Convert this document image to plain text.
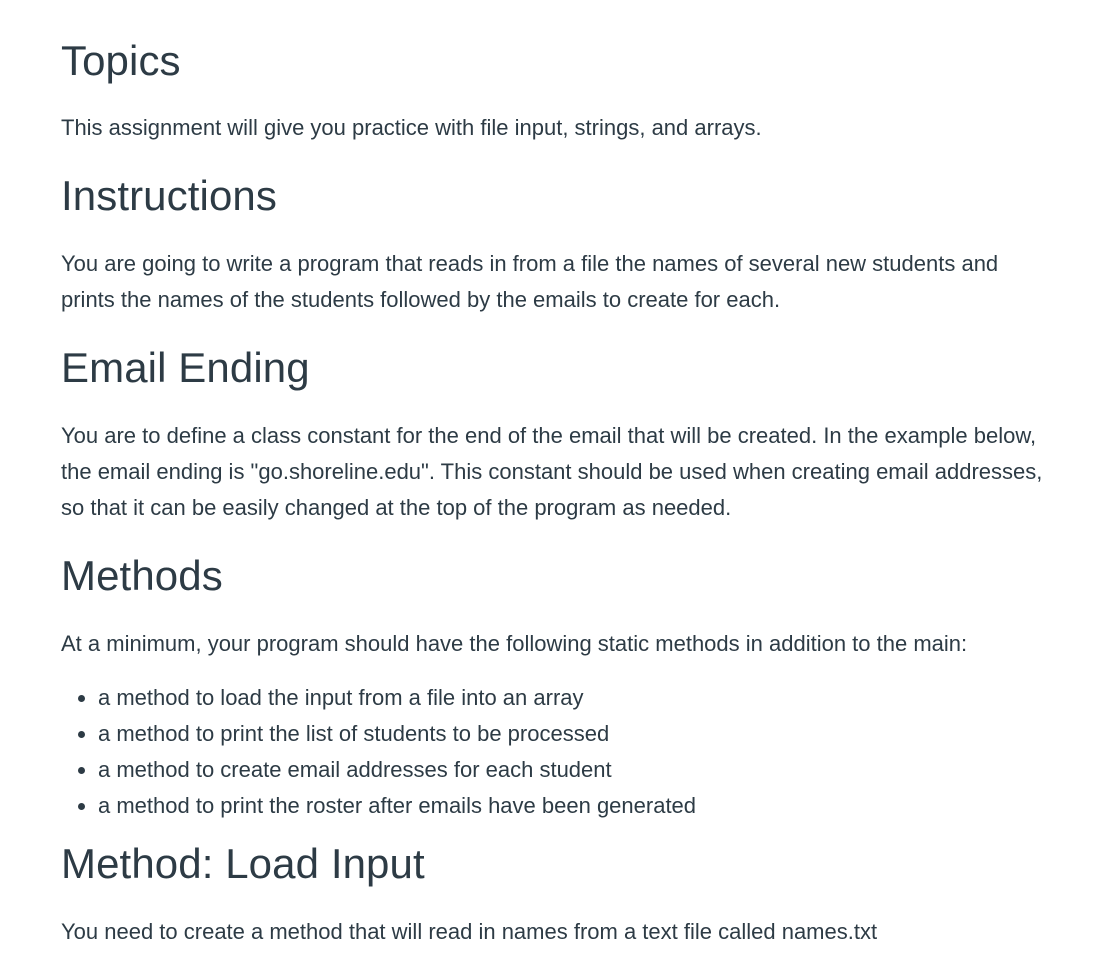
Topics

This assignment will give you practice with file input, strings, and arrays.

Instructions

You are going to write a program that reads in from a file the names of several new students and prints the names of the students followed by the emails to create for each.

Email Ending

You are to define a class constant for the end of the email that will be created. In the example below, the email ending is "go.shoreline.edu". This constant should be used when creating email addresses, so that it can be easily changed at the top of the program as needed.

Methods

At a minimum, your program should have the following static methods in addition to the main:

• a method to load the input from a file into an array
• a method to print the list of students to be processed
• a method to create email addresses for each student
• a method to print the roster after emails have been generated
Method: Load Input

You need to create a method that will read in names from a text file called names.txt
